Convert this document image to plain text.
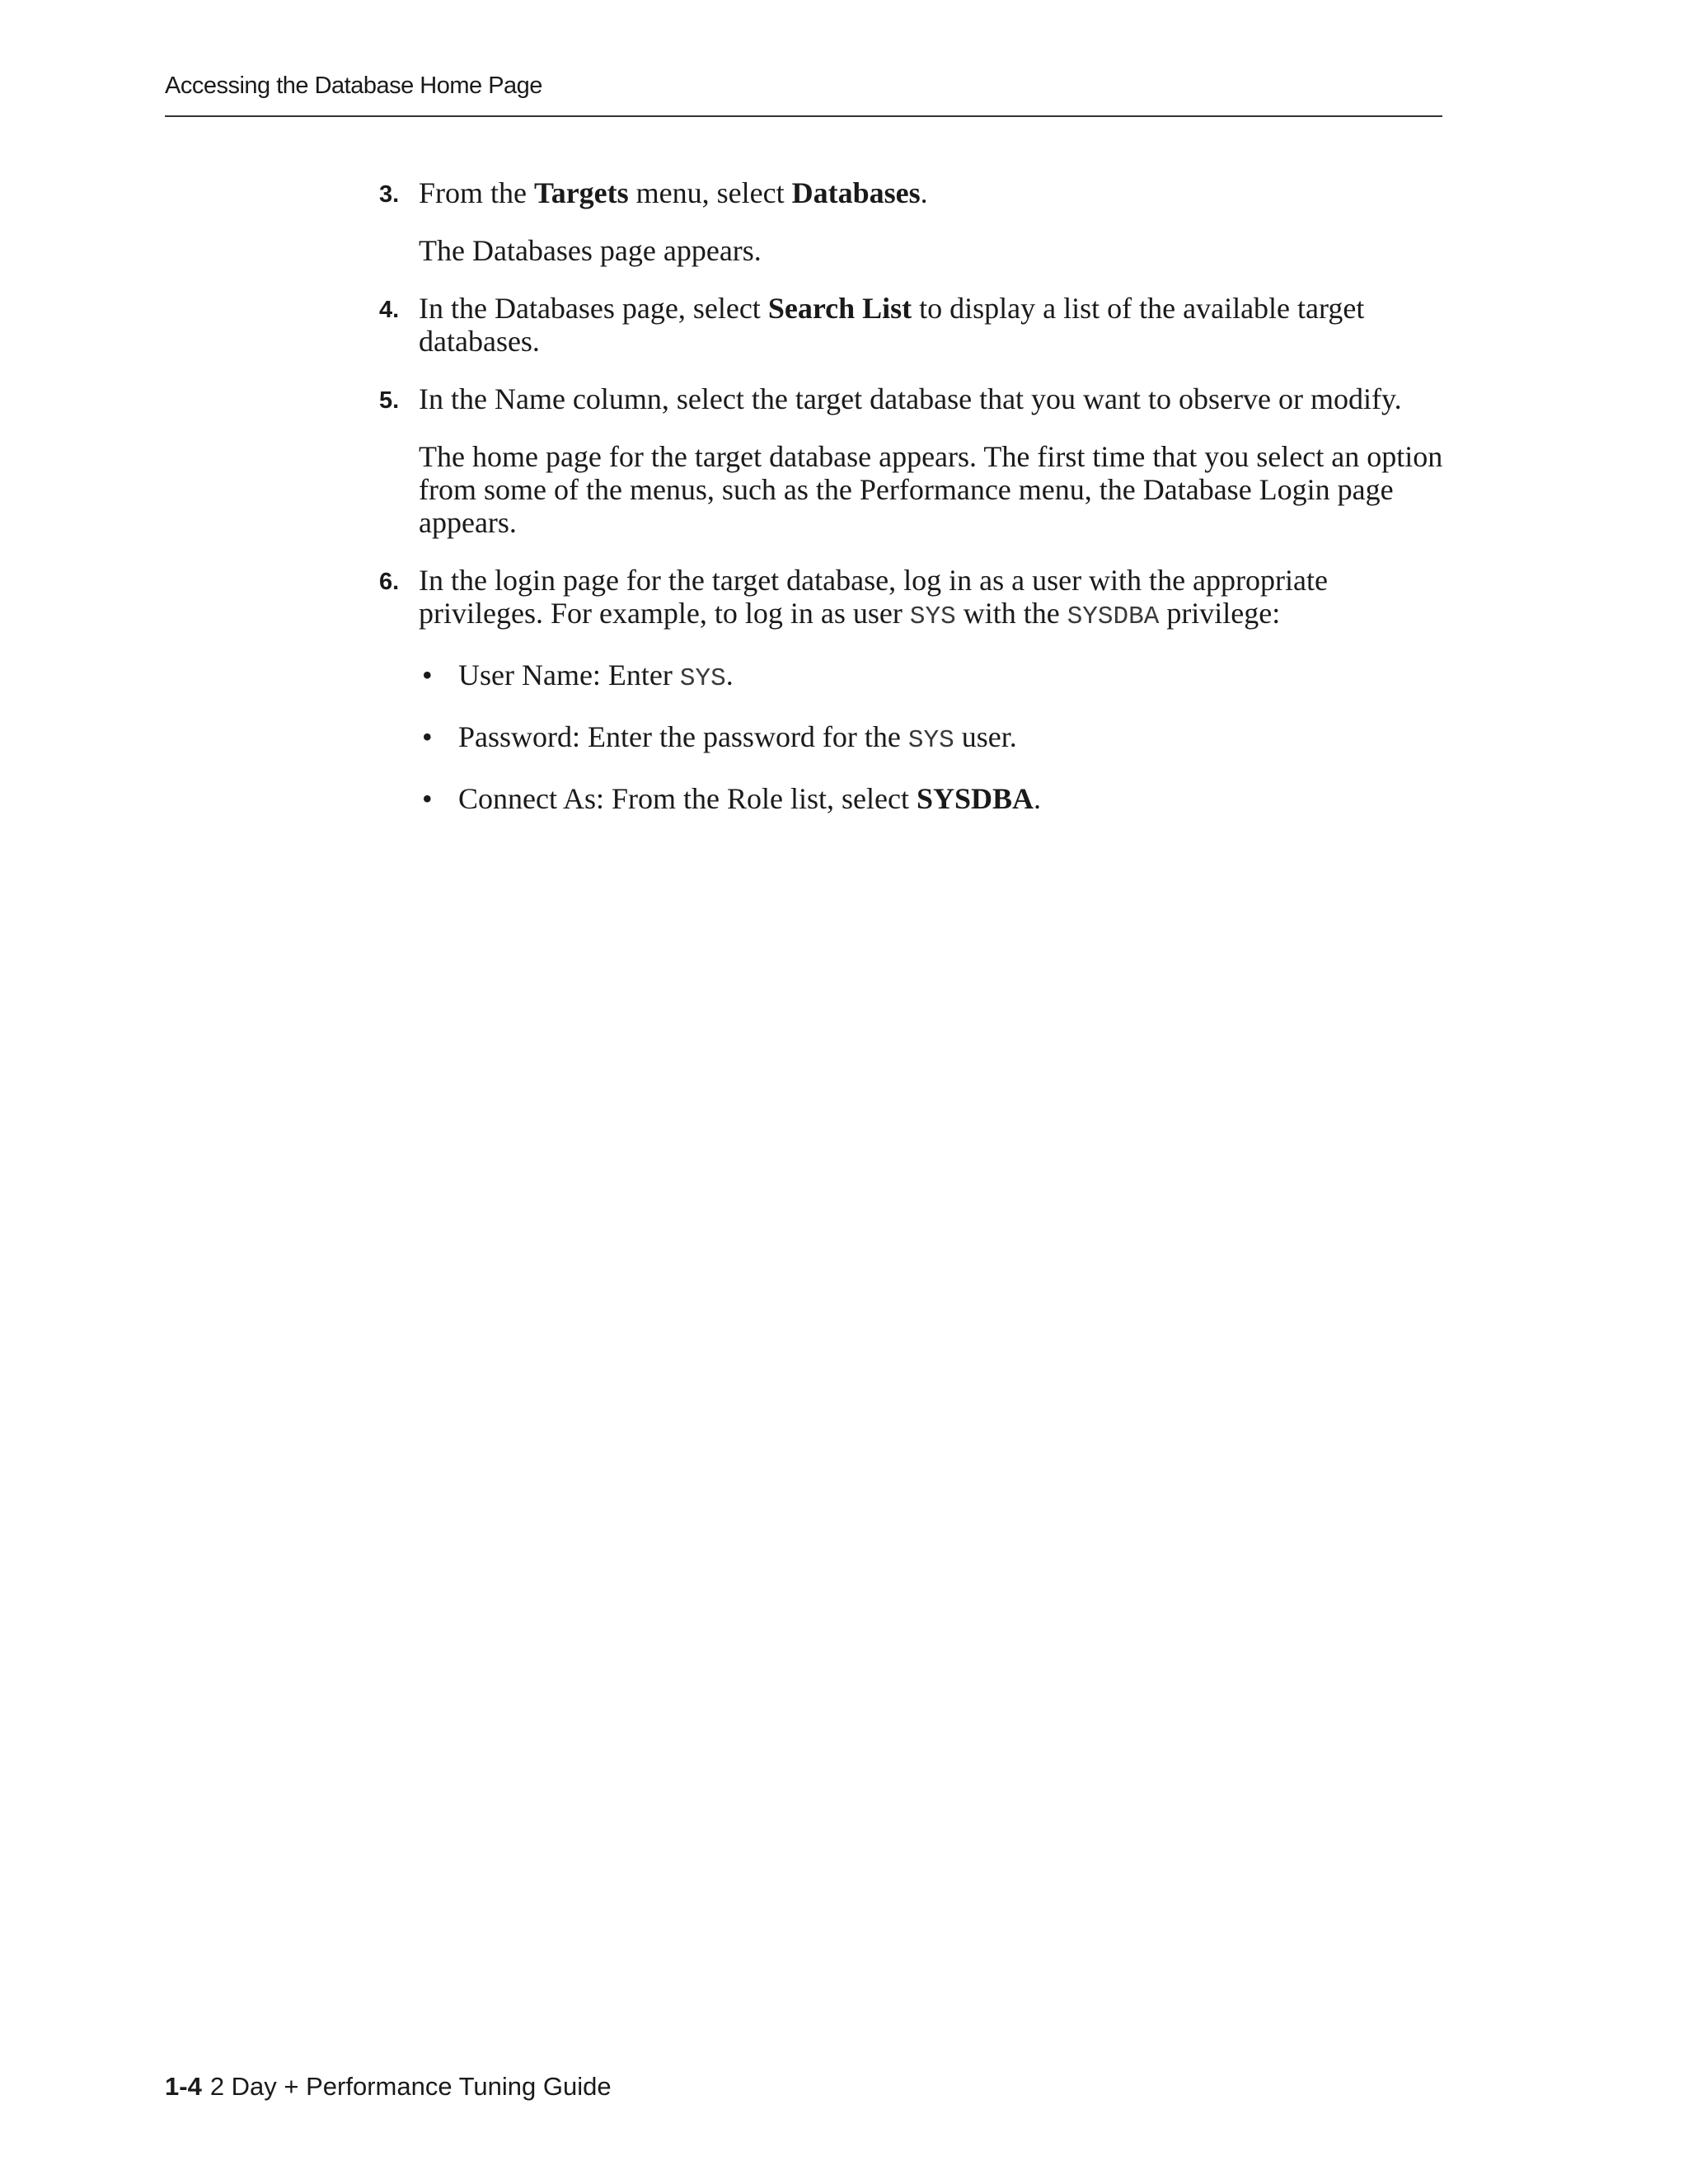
Accessing the Database Home Page
3. From the Targets menu, select Databases.

The Databases page appears.

4. In the Databases page, select Search List to display a list of the available target databases.
5. In the Name column, select the target database that you want to observe or modify.

The home page for the target database appears. The first time that you select an option from some of the menus, such as the Performance menu, the Database Login page appears.

6. In the login page for the target database, log in as a user with the appropriate privileges. For example, to log in as user SYS with the SYSDBA privilege:
• User Name: Enter SYS.
• Password: Enter the password for the SYS user.
• Connect As: From the Role list, select SYSDBA.
1-4 2 Day + Performance Tuning Guide
